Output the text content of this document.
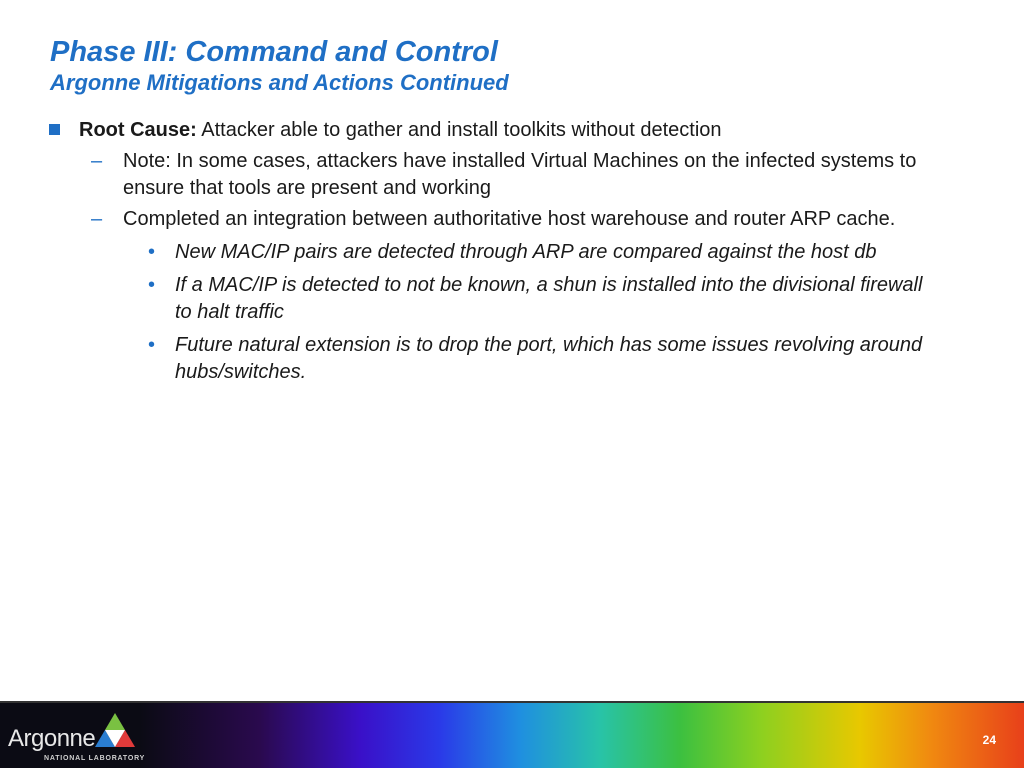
Phase III: Command and Control
Argonne Mitigations and Actions Continued
Root Cause: Attacker able to gather and install toolkits without detection
– Note: In some cases, attackers have installed Virtual Machines on the infected systems to ensure that tools are present and working
– Completed an integration between authoritative host warehouse and router ARP cache.
• New MAC/IP pairs are detected through ARP are compared against the host db
• If a MAC/IP is detected to not be known, a shun is installed into the divisional firewall to halt traffic
• Future natural extension is to drop the port, which has some issues revolving around hubs/switches.
Argonne
NATIONAL LABORATORY
24
